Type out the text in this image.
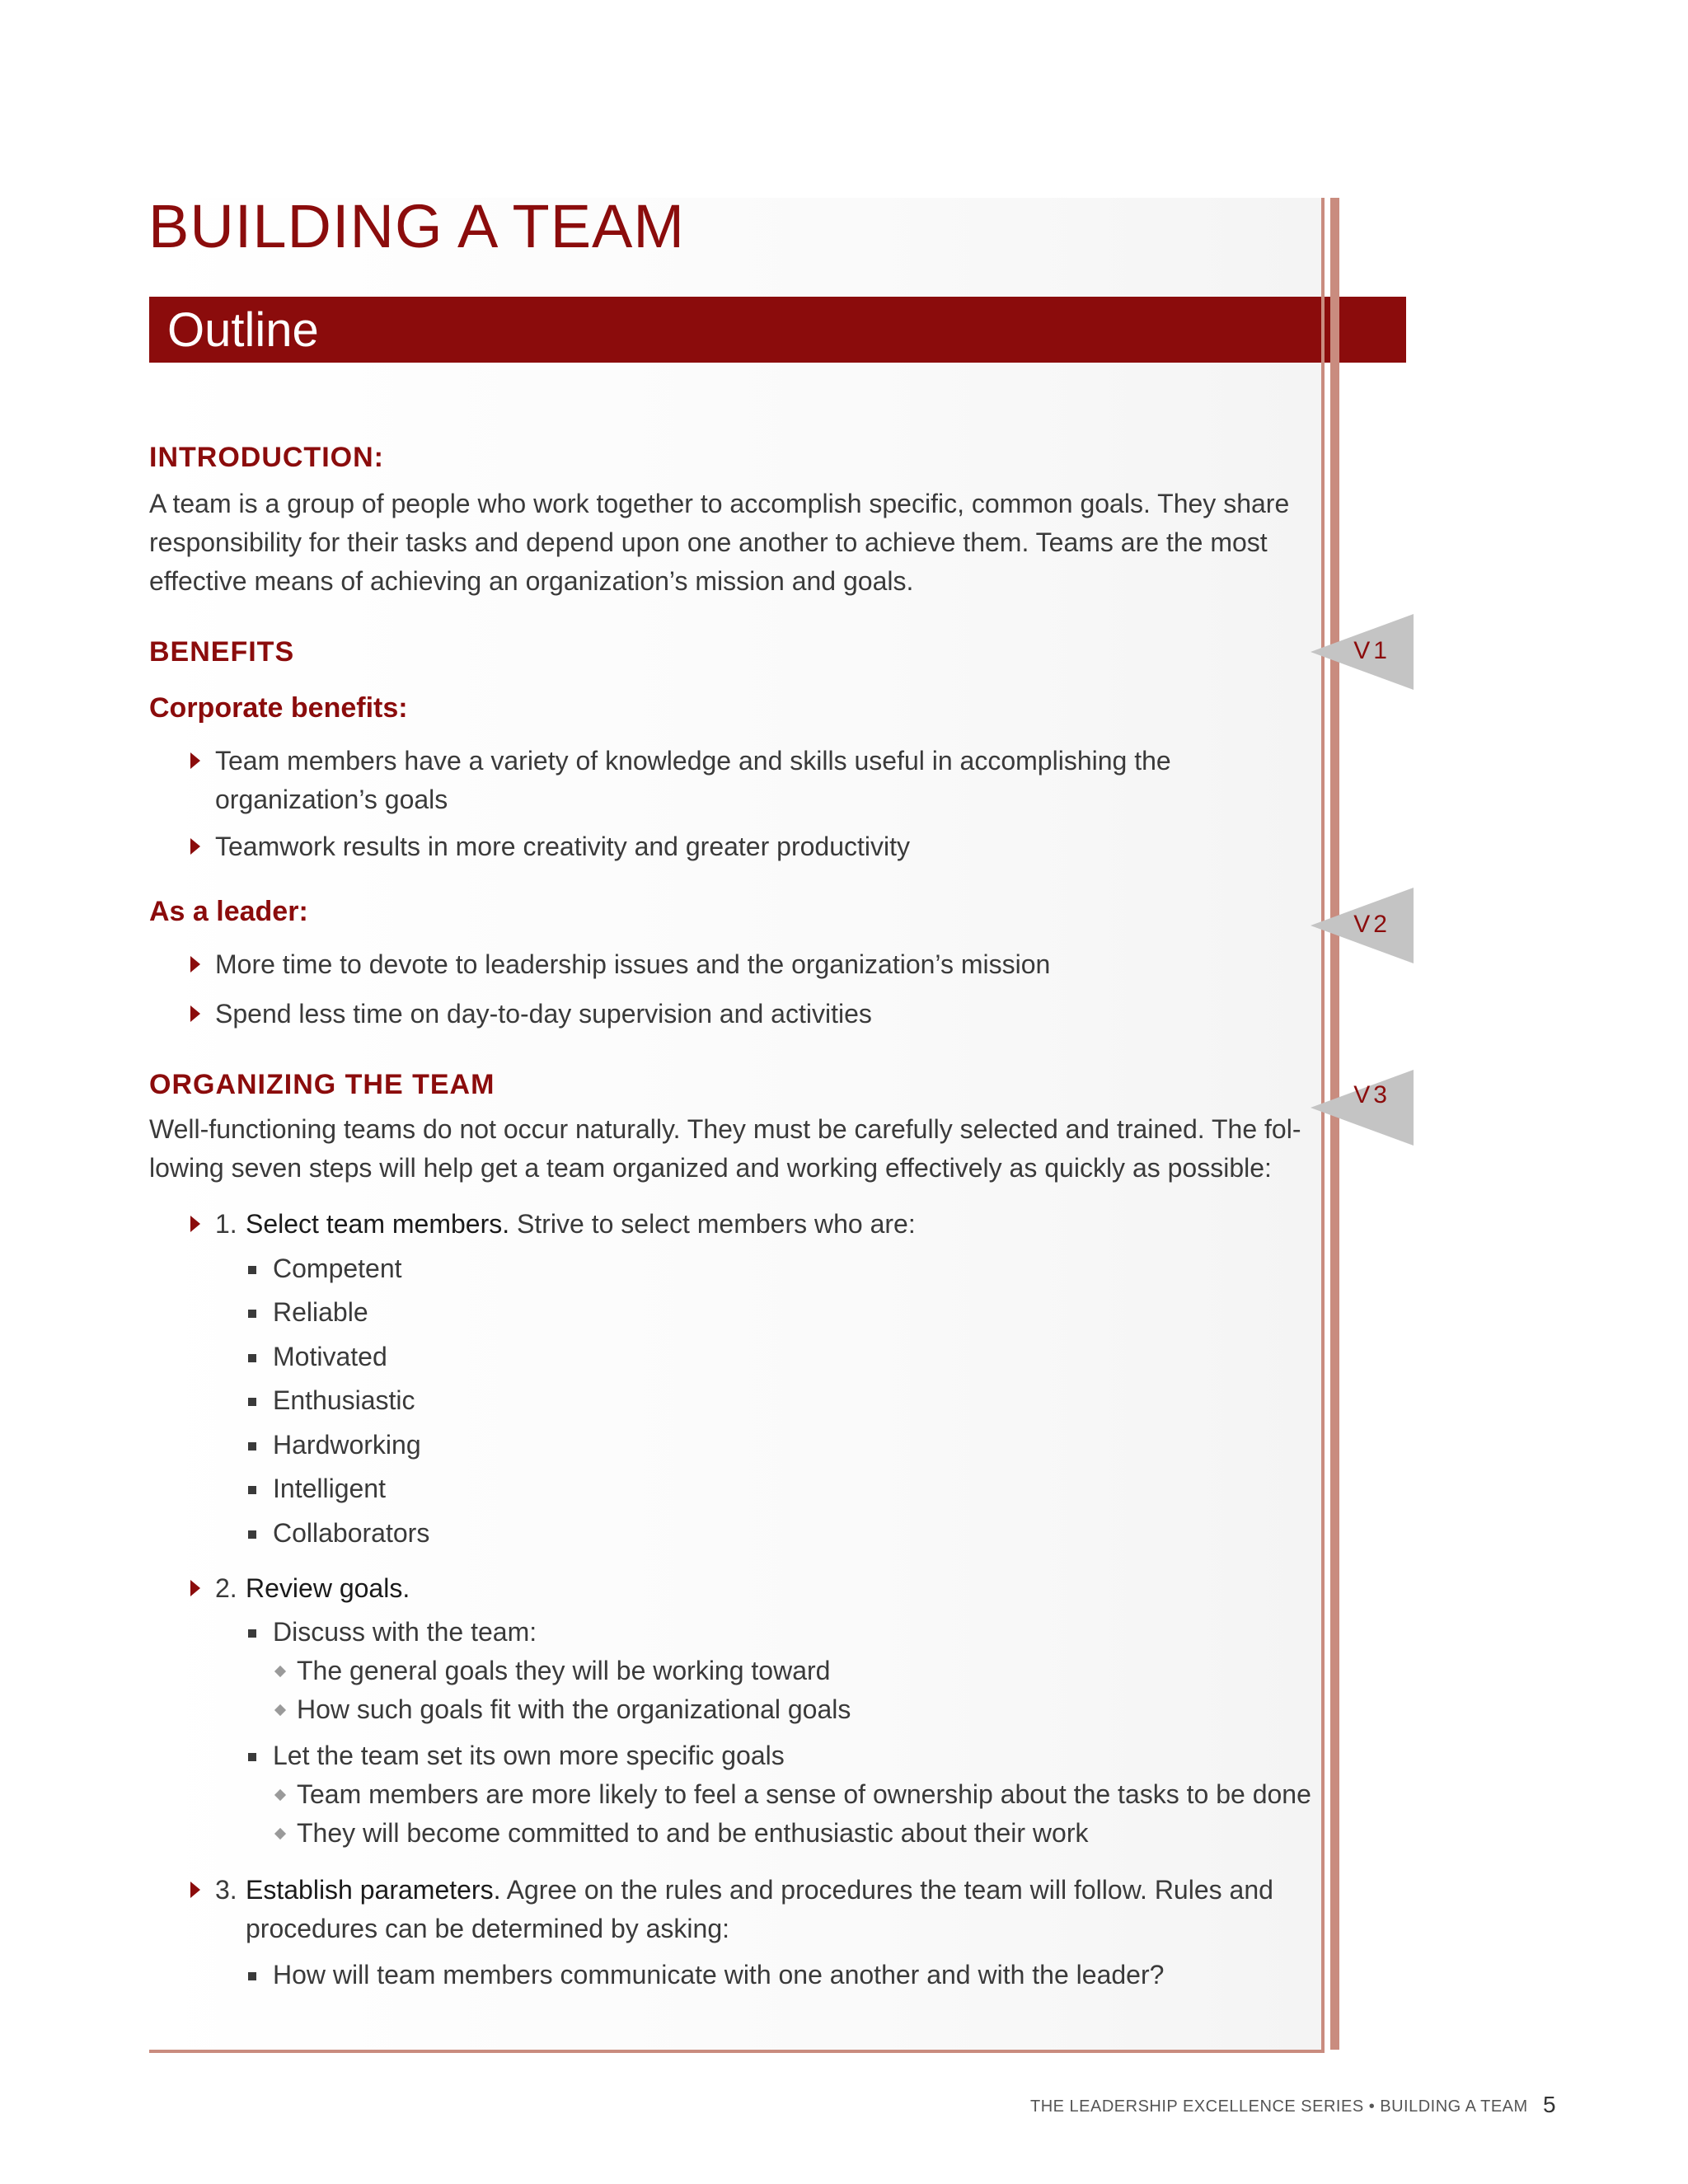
BUILDING A TEAM
Outline
V1
V2
V3
INTRODUCTION:

A team is a group of people who work together to accomplish specific, common goals. They share

responsibility for their tasks and depend upon one another to achieve them. Teams are the most

effective means of achieving an organization’s mission and goals.

BENEFITS
Corporate benefits:
Team members have a variety of knowledge and skills useful in accomplishing the
organization’s goals
Teamwork results in more creativity and greater productivity
As a leader:
More time to devote to leadership issues and the organization’s mission
Spend less time on day-to-day supervision and activities
ORGANIZING THE TEAM

Well-functioning teams do not occur naturally. They must be carefully selected and trained. The fol-

lowing seven steps will help get a team organized and working effectively as quickly as possible:

1. Select team members. Strive to select members who are:
Competent
Reliable
Motivated
Enthusiastic
Hardworking
Intelligent
Collaborators
2. Review goals.
Discuss with the team:
The general goals they will be working toward
How such goals fit with the organizational goals
Let the team set its own more specific goals
Team members are more likely to feel a sense of ownership about the tasks to be done
They will become committed to and be enthusiastic about their work
3. Establish parameters. Agree on the rules and procedures the team will follow. Rules and
procedures can be determined by asking:
How will team members communicate with one another and with the leader?
THE LEADERSHIP EXCELLENCE SERIES • BUILDING A TEAM 5
